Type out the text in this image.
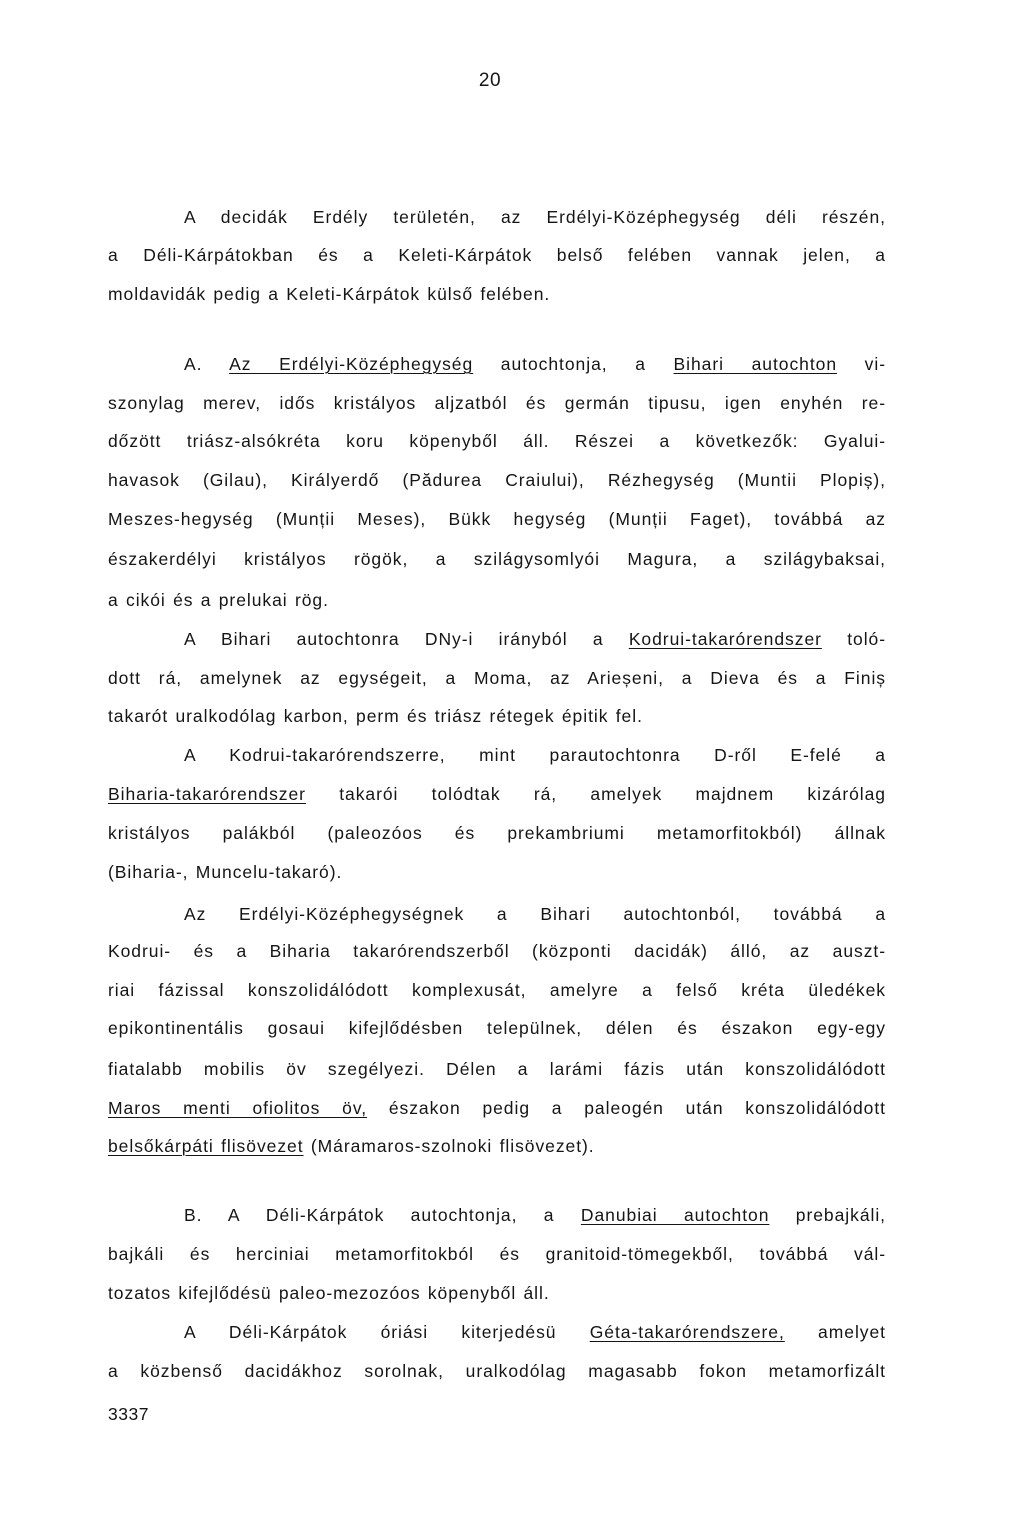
20
A decidák Erdély területén, az Erdélyi-Középhegység déli részén,
a Déli-Kárpátokban és a Keleti-Kárpátok belső felében vannak jelen, a
moldavidák pedig a Keleti-Kárpátok külső felében.
A. Az Erdélyi-Középhegység autochtonja, a Bihari autochton vi-
szonylag merev, idős kristályos aljzatból és germán tipusu, igen enyhén re-
dőzött triász-alsókréta koru köpenyből áll. Részei a következők: Gyalui-
havasok (Gilau), Királyerdő (Pădurea Craiului), Rézhegység (Muntii Plopiș),
Meszes-hegység (Munții Meses), Bükk hegység (Munții Faget), továbbá az
északerdélyi kristályos rögök, a szilágysomlyói Magura, a szilágybaksai,
a cikói és a prelukai rög.
A Bihari autochtonra DNy-i irányból a Kodrui-takarórendszer toló-
dott rá, amelynek az egységeit, a Moma, az Arieșeni, a Dieva és a Finiș
takarót uralkodólag karbon, perm és triász rétegek épitik fel.
A Kodrui-takarórendszerre, mint parautochtonra D-ről E-felé a
Biharia-takarórendszer takarói tolódtak rá, amelyek majdnem kizárólag
kristályos palákból (paleozóos és prekambriumi metamorfitokból) állnak
(Biharia-, Muncelu-takaró).
Az Erdélyi-Középhegységnek a Bihari autochtonból, továbbá a
Kodrui- és a Biharia takarórendszerből (központi dacidák) álló, az auszt-
riai fázissal konszolidálódott komplexusát, amelyre a felső kréta üledékek
epikontinentális gosaui kifejlődésben települnek, délen és északon egy-egy
fiatalabb mobilis öv szegélyezi. Délen a larámi fázis után konszolidálódott
Maros menti ofiolitos öv, északon pedig a paleogén után konszolidálódott
belsőkárpáti flisövezet (Máramaros-szolnoki flisövezet).
B. A Déli-Kárpátok autochtonja, a Danubiai autochton prebajkáli,
bajkáli és herciniai metamorfitokból és granitoid-tömegekből, továbbá vál-
tozatos kifejlődésü paleo-mezozóos köpenyből áll.
A Déli-Kárpátok óriási kiterjedésü Géta-takarórendszere, amelyet
a közbenső dacidákhoz sorolnak, uralkodólag magasabb fokon metamorfizált
3337
